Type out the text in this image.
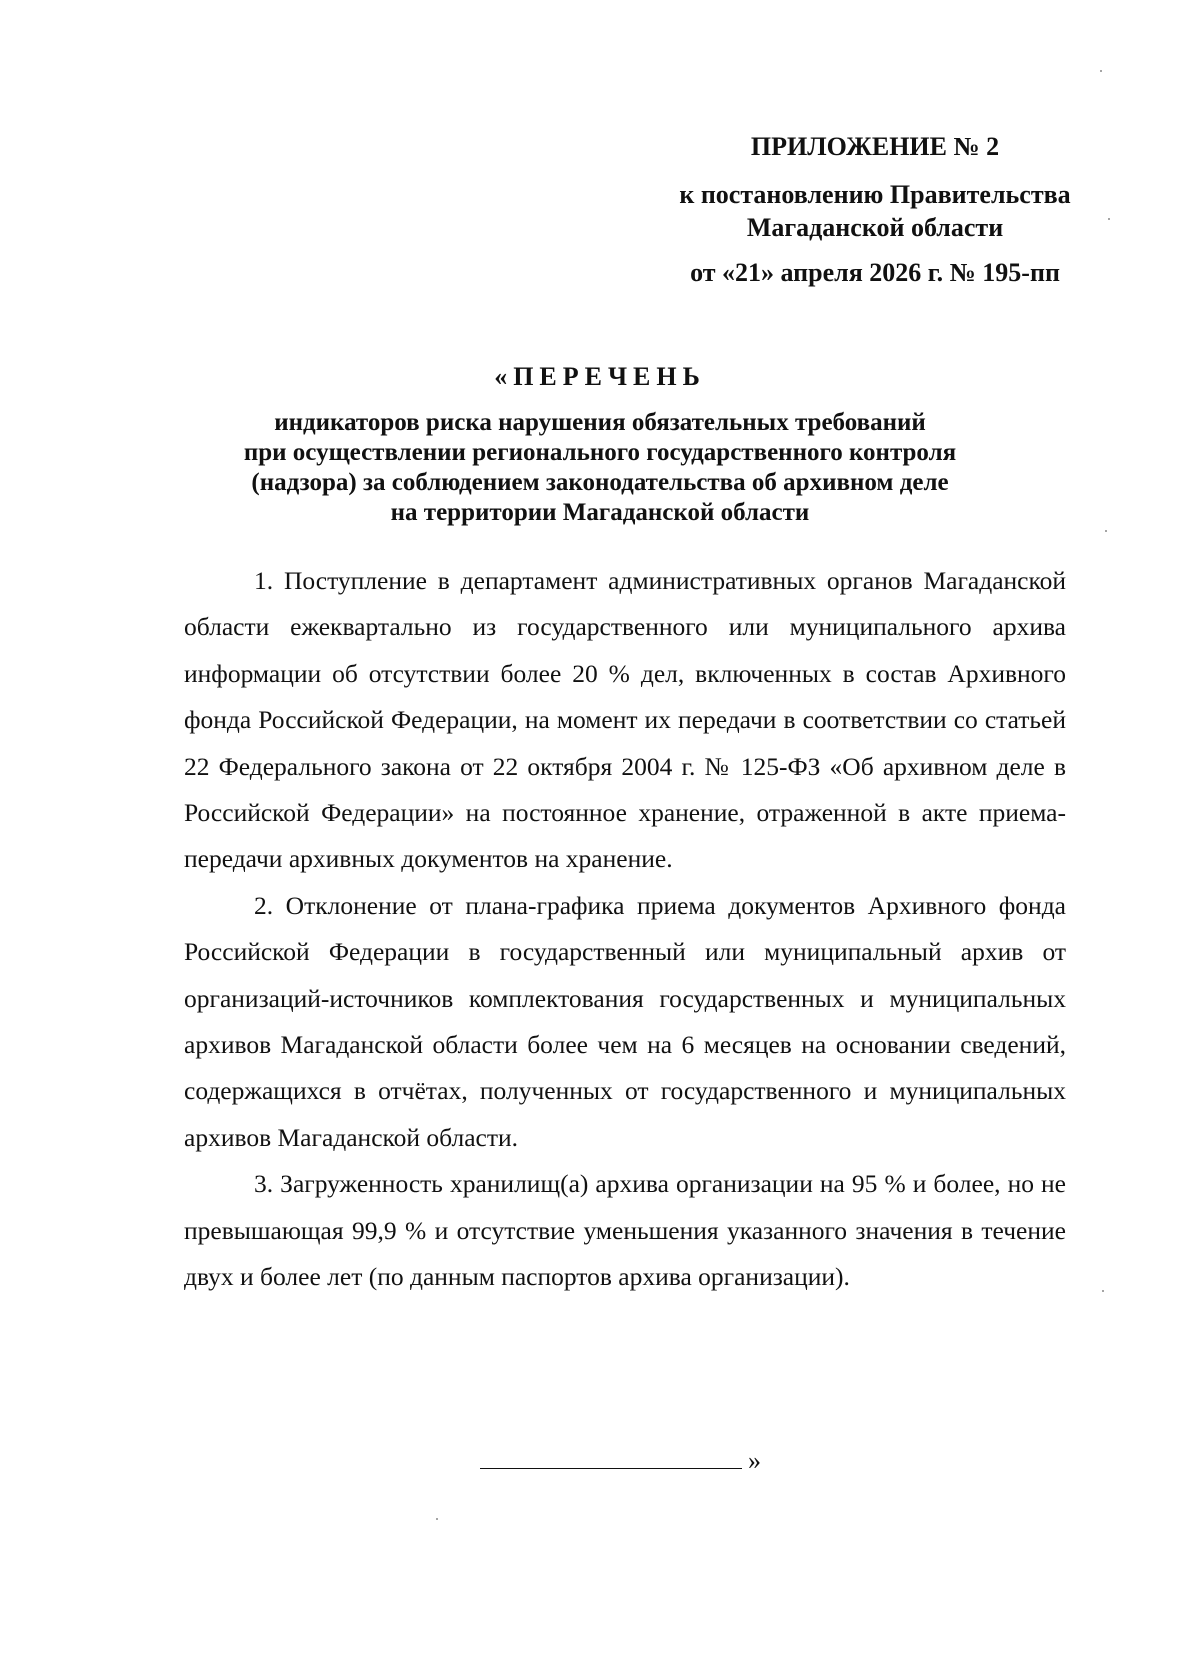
ПРИЛОЖЕНИЕ № 2
к постановлению Правительства
Магаданской области
от «21» апреля 2026 г. № 195-пп
«ПЕРЕЧЕНЬ
индикаторов риска нарушения обязательных требований
при осуществлении регионального государственного контроля
(надзора) за соблюдением законодательства об архивном деле
на территории Магаданской области

1. Поступление в департамент административных органов Магаданской области ежеквартально из государственного или муниципального архива информации об отсутствии более 20 % дел, включенных в состав Архивного фонда Российской Федерации, на момент их передачи в соответствии со статьей 22 Федерального закона от 22 октября 2004 г. № 125-ФЗ «Об архивном деле в Российской Федерации» на постоянное хранение, отраженной в акте приема-передачи архивных документов на хранение.

2. Отклонение от плана-графика приема документов Архивного фонда Российской Федерации в государственный или муниципальный архив от организаций-источников комплектования государственных и муниципальных архивов Магаданской области более чем на 6 месяцев на основании сведений, содержащихся в отчётах, полученных от государственного и муниципальных архивов Магаданской области.

3. Загруженность хранилищ(а) архива организации на 95 % и более, но не превышающая 99,9 % и отсутствие уменьшения указанного значения в течение двух и более лет (по данным паспортов архива организации).

»
